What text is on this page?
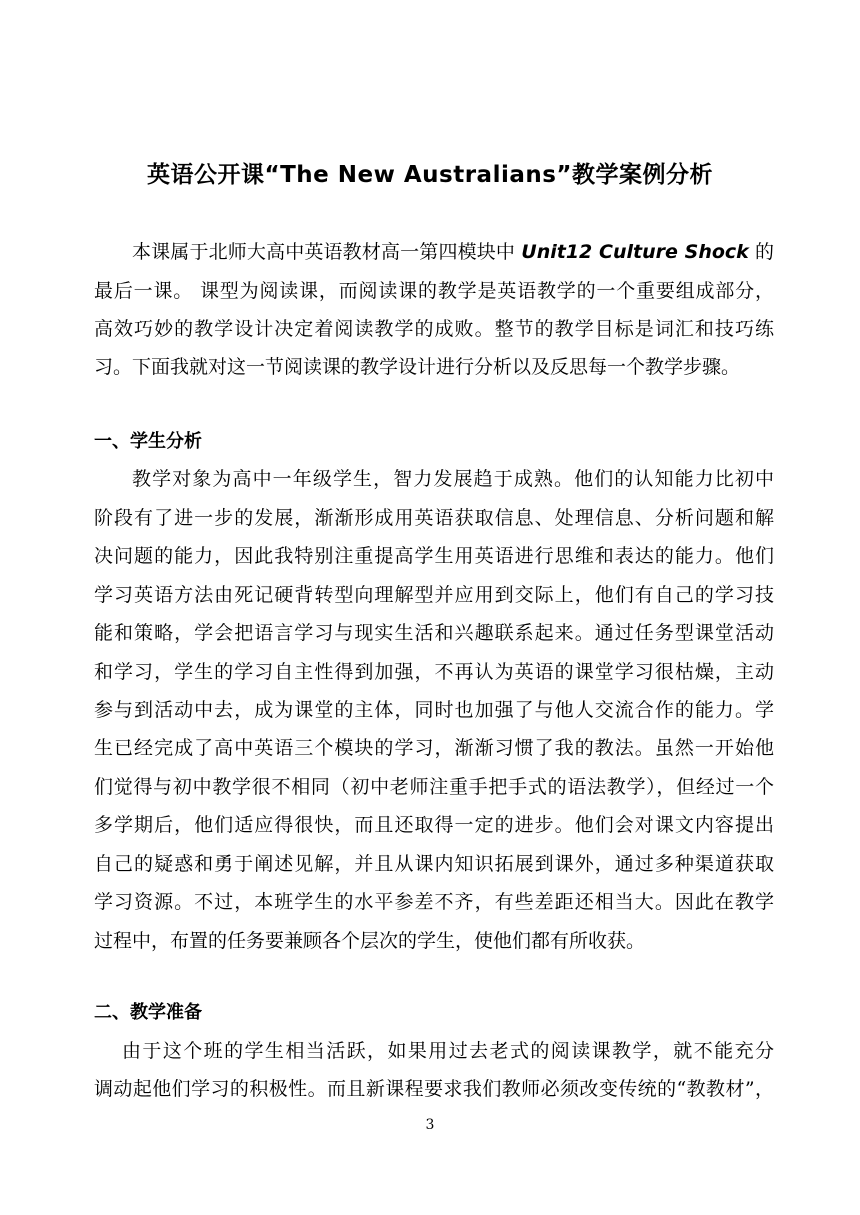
英语公开课“The New Australians”教学案例分析
本课属于北师大高中英语教材高一第四模块中 Unit12 Culture Shock 的
最后一课。 课型为阅读课，而阅读课的教学是英语教学的一个重要组成部分，
高效巧妙的教学设计决定着阅读教学的成败。整节的教学目标是词汇和技巧练
习。下面我就对这一节阅读课的教学设计进行分析以及反思每一个教学步骤。
一、学生分析
教学对象为高中一年级学生，智力发展趋于成熟。他们的认知能力比初中
阶段有了进一步的发展，渐渐形成用英语获取信息、处理信息、分析问题和解
决问题的能力，因此我特别注重提高学生用英语进行思维和表达的能力。他们
学习英语方法由死记硬背转型向理解型并应用到交际上，他们有自己的学习技
能和策略，学会把语言学习与现实生活和兴趣联系起来。通过任务型课堂活动
和学习，学生的学习自主性得到加强，不再认为英语的课堂学习很枯燥，主动
参与到活动中去，成为课堂的主体，同时也加强了与他人交流合作的能力。学
生已经完成了高中英语三个模块的学习，渐渐习惯了我的教法。虽然一开始他
们觉得与初中教学很不相同（初中老师注重手把手式的语法教学），但经过一个
多学期后，他们适应得很快，而且还取得一定的进步。他们会对课文内容提出
自己的疑惑和勇于阐述见解，并且从课内知识拓展到课外，通过多种渠道获取
学习资源。不过，本班学生的水平参差不齐，有些差距还相当大。因此在教学
过程中，布置的任务要兼顾各个层次的学生，使他们都有所收获。
二、教学准备
由于这个班的学生相当活跃，如果用过去老式的阅读课教学，就不能充分
调动起他们学习的积极性。而且新课程要求我们教师必须改变传统的“教教材”，
3
